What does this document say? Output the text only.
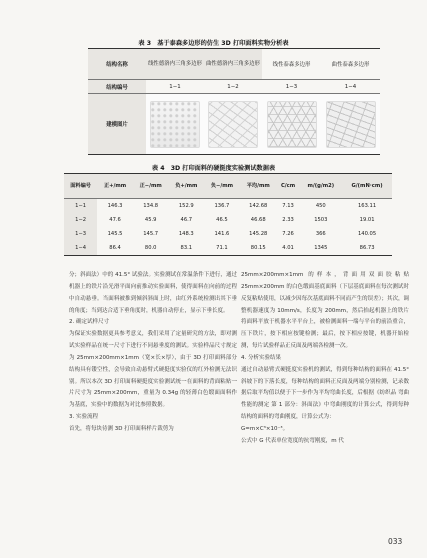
表 3　基于泰森多边形的仿生 3D 打印面料实物分析表
结构名称	线性德洛内三角多边形	曲性德洛内三角多边形	线性泰森多边形	曲性泰森多边形
结构编号	1−1	1−2	1−3	1−4
建模图片	

表 4　3D 打印面料的硬挺度实验测试数据表
面料编号	正+/mm	正−/mm	负+/mm	负−/mm	平均/mm	C/cm	m/(g/m2)	G/(mN·cm)
1−1	146.3	134.8	152.9	136.7	142.68	7.13	450	163.11
1−2	47.6	45.9	46.7	46.5	46.68	2.33	1503	19.01
1−3	145.5	145.7	148.3	141.6	145.28	7.26	366	140.05
1−4	86.4	80.0	83.1	71.1	80.15	4.01	1345	86.73

分；斜面法）中的 41.5° 试验法。实验测试在常温条件下进行，通过机器上的铁片沿光滑平面向前推动实验面料，使得面料在向前的过程中自动悬垂。当面料被推到倾斜斜面上时，由红外系统检测出其下垂的角度；当到达合适下垂角度时，机器自动停止，显示下垂长度。

2. 确定试样尺寸

为保证实验数据更具参考意义，我们采用了定量研究的方法，即对测试实验样品在统一尺寸下进行不同悬垂度的测试。实验样品尺寸规定为 25mm×200mm×1mm（宽×长×厚），由于 3D 打印面料部分结构具有镂空性，会导致自动悬臂式硬挺度实验仪的红外检测无法识别。所以本次 3D 打印面料硬挺度实验测试统一在面料的背面粘贴一片尺寸为 25mm×200mm，重量为 0.34g 的轻薄白色缎面面料作为基底，实验中的数据为对比参照数据。

3. 实验流程

首先，将每块待测 3D 打印面料样片裁剪为

25mm×200mm×1mm 的样本，背面用双面胶粘贴 25mm×200mm 的白色缎面基底面料（下层基底面料在每次测试时反复粘贴使用，以减少因每次基底面料不同而产生的误差）；其次，调整机器速度为 10mm/s，长度为 200mm，然后抬起机器上的铁片将面料平放于机器水平平台上，被检测面料一端与平台的前沿重合，压下铁片，按下相应按键检测；最后，按下相应按键，机器开始检测，每片试验样品正反面及两端各检测一次。

4. 分析实验结果

通过自动悬臂式硬挺度实验机的测试，得到每种结构的面料在 41.5° 斜坡下的下落长度，每种结构的面料正反面及两端分别检测，记录数据后取平均值以便于下一步作为平均弯曲长度，后根据《纺织品 弯曲性能的测定 第 1 部分：斜面法》中弯曲刚度的计算公式，得到每种结构的面料的弯曲刚度，计算公式为：

G=m×C³×10⁻³。

公式中 G 代表单位宽度的抗弯刚度，m 代

033
